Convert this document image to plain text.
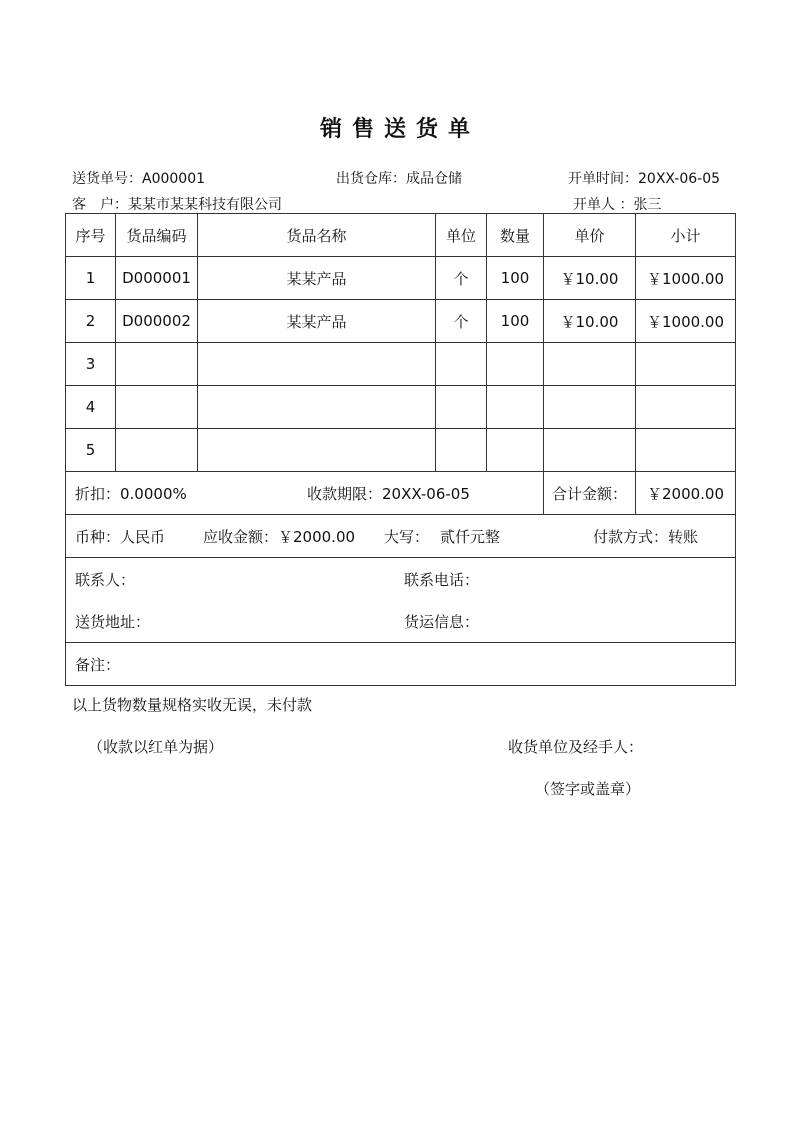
销售送货单
送货单号：A000001	出货仓库：成品仓储	开单时间：20XX-06-05
客　户：某某市某某科技有限公司	开单人 ：张三
序号	货品编码	货品名称	单位	数量	单价	小计
1	D000001	某某产品	个	100	￥10.00	￥1000.00
2	D000002	某某产品	个	100	￥10.00	￥1000.00
3						
4						
5						

折扣：0.0000% 收款期限：20XX-06-05					合计金额：	￥2000.00

币种：人民币 应收金额：￥2000.00 大写： 贰仟元整 付款方式：转账						

联系人： 联系电话：
送货地址： 货运信息：						

备注：						
以上货物数量规格实收无误，未付款
（收款以红单为据）	收货单位及经手人：
（签字或盖章）
